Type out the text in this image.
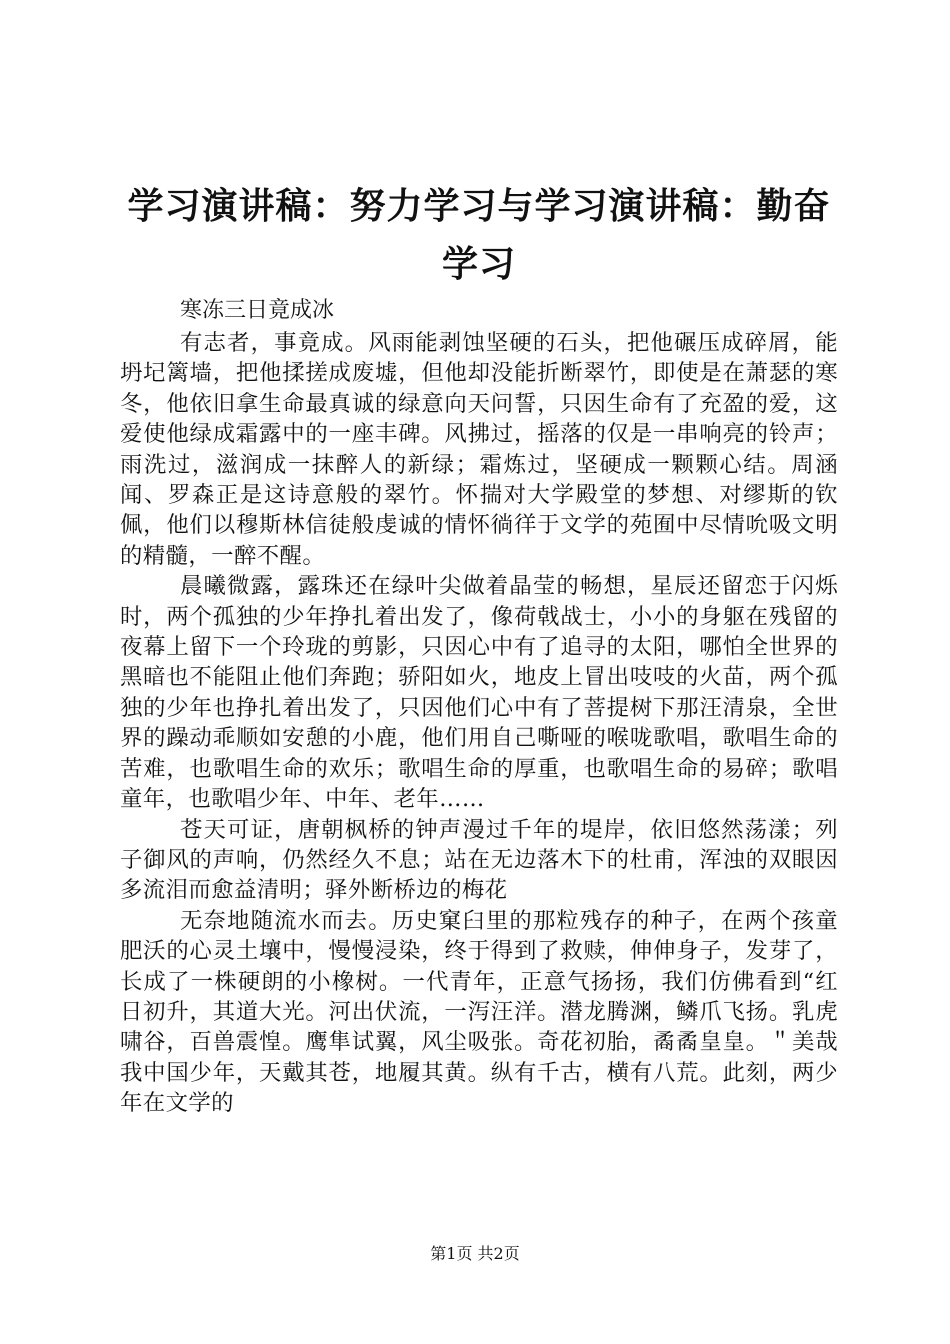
学习演讲稿：努力学习与学习演讲稿：勤奋学习

寒冻三日竟成冰

有志者，事竟成。风雨能剥蚀坚硬的石头，把他碾压成碎屑，能坍圮篱墙，把他揉搓成废墟，但他却没能折断翠竹，即使是在萧瑟的寒冬，他依旧拿生命最真诚的绿意向天问誓，只因生命有了充盈的爱，这爱使他绿成霜露中的一座丰碑。风拂过，摇落的仅是一串响亮的铃声；雨洗过，滋润成一抹醉人的新绿；霜炼过，坚硬成一颗颗心结。周涵闻、罗森正是这诗意般的翠竹。怀揣对大学殿堂的梦想、对缪斯的钦佩，他们以穆斯林信徒般虔诚的情怀徜徉于文学的苑囿中尽情吮吸文明的精髓，一醉不醒。

晨曦微露，露珠还在绿叶尖做着晶莹的畅想，星辰还留恋于闪烁时，两个孤独的少年挣扎着出发了，像荷戟战士，小小的身躯在残留的夜幕上留下一个玲珑的剪影，只因心中有了追寻的太阳，哪怕全世界的黑暗也不能阻止他们奔跑；骄阳如火，地皮上冒出吱吱的火苗，两个孤独的少年也挣扎着出发了，只因他们心中有了菩提树下那汪清泉，全世界的躁动乖顺如安憩的小鹿，他们用自己嘶哑的喉咙歌唱，歌唱生命的苦难，也歌唱生命的欢乐；歌唱生命的厚重，也歌唱生命的易碎；歌唱童年，也歌唱少年、中年、老年……

苍天可证，唐朝枫桥的钟声漫过千年的堤岸，依旧悠然荡漾；列子御风的声响，仍然经久不息；站在无边落木下的杜甫，浑浊的双眼因多流泪而愈益清明；驿外断桥边的梅花

无奈地随流水而去。历史窠臼里的那粒残存的种子，在两个孩童肥沃的心灵土壤中，慢慢浸染，终于得到了救赎，伸伸身子，发芽了，长成了一株硬朗的小橡树。一代青年，正意气扬扬，我们仿佛看到“红日初升，其道大光。河出伏流，一泻汪洋。潜龙腾渊，鳞爪飞扬。乳虎啸谷，百兽震惶。鹰隼试翼，风尘吸张。奇花初胎，矞矞皇皇。＂美哉我中国少年，天戴其苍，地履其黄。纵有千古，横有八荒。此刻，两少年在文学的

第1页 共2页
